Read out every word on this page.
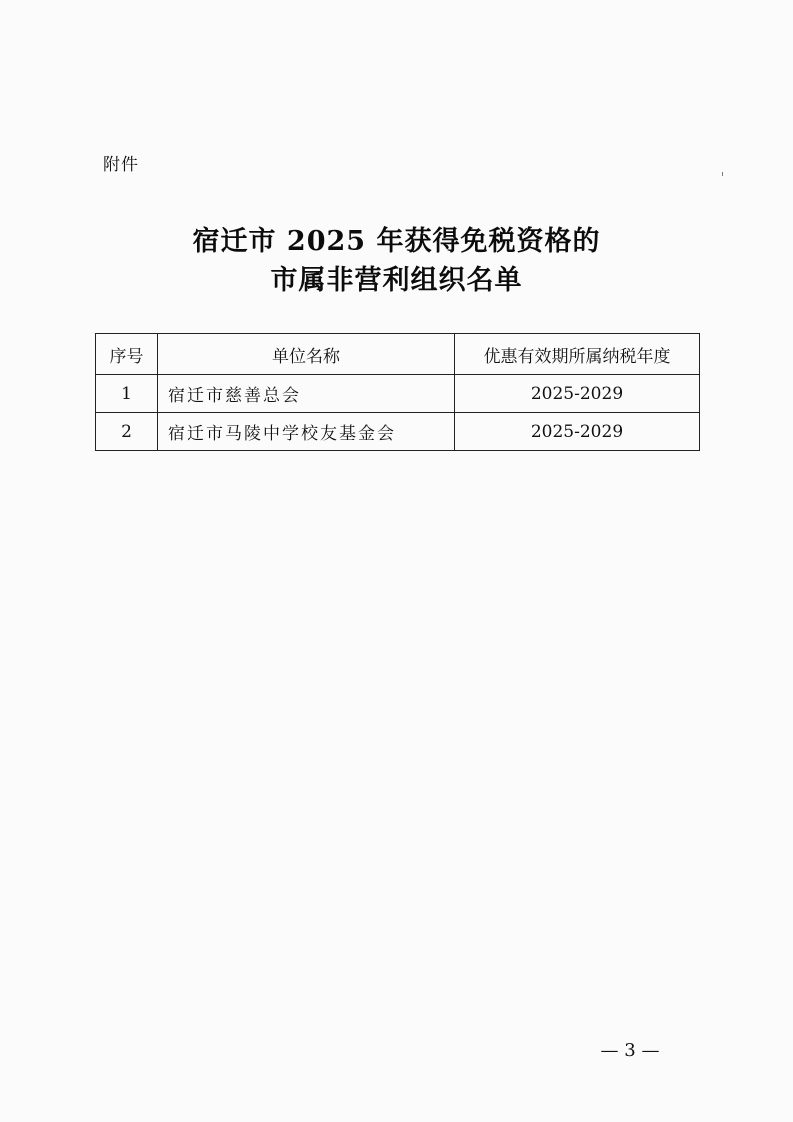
附件
宿迁市 2025 年获得免税资格的
市属非营利组织名单
序号	单位名称	优惠有效期所属纳税年度
1	宿迁市慈善总会	2025-2029
2	宿迁市马陵中学校友基金会	2025-2029
— 3 —
